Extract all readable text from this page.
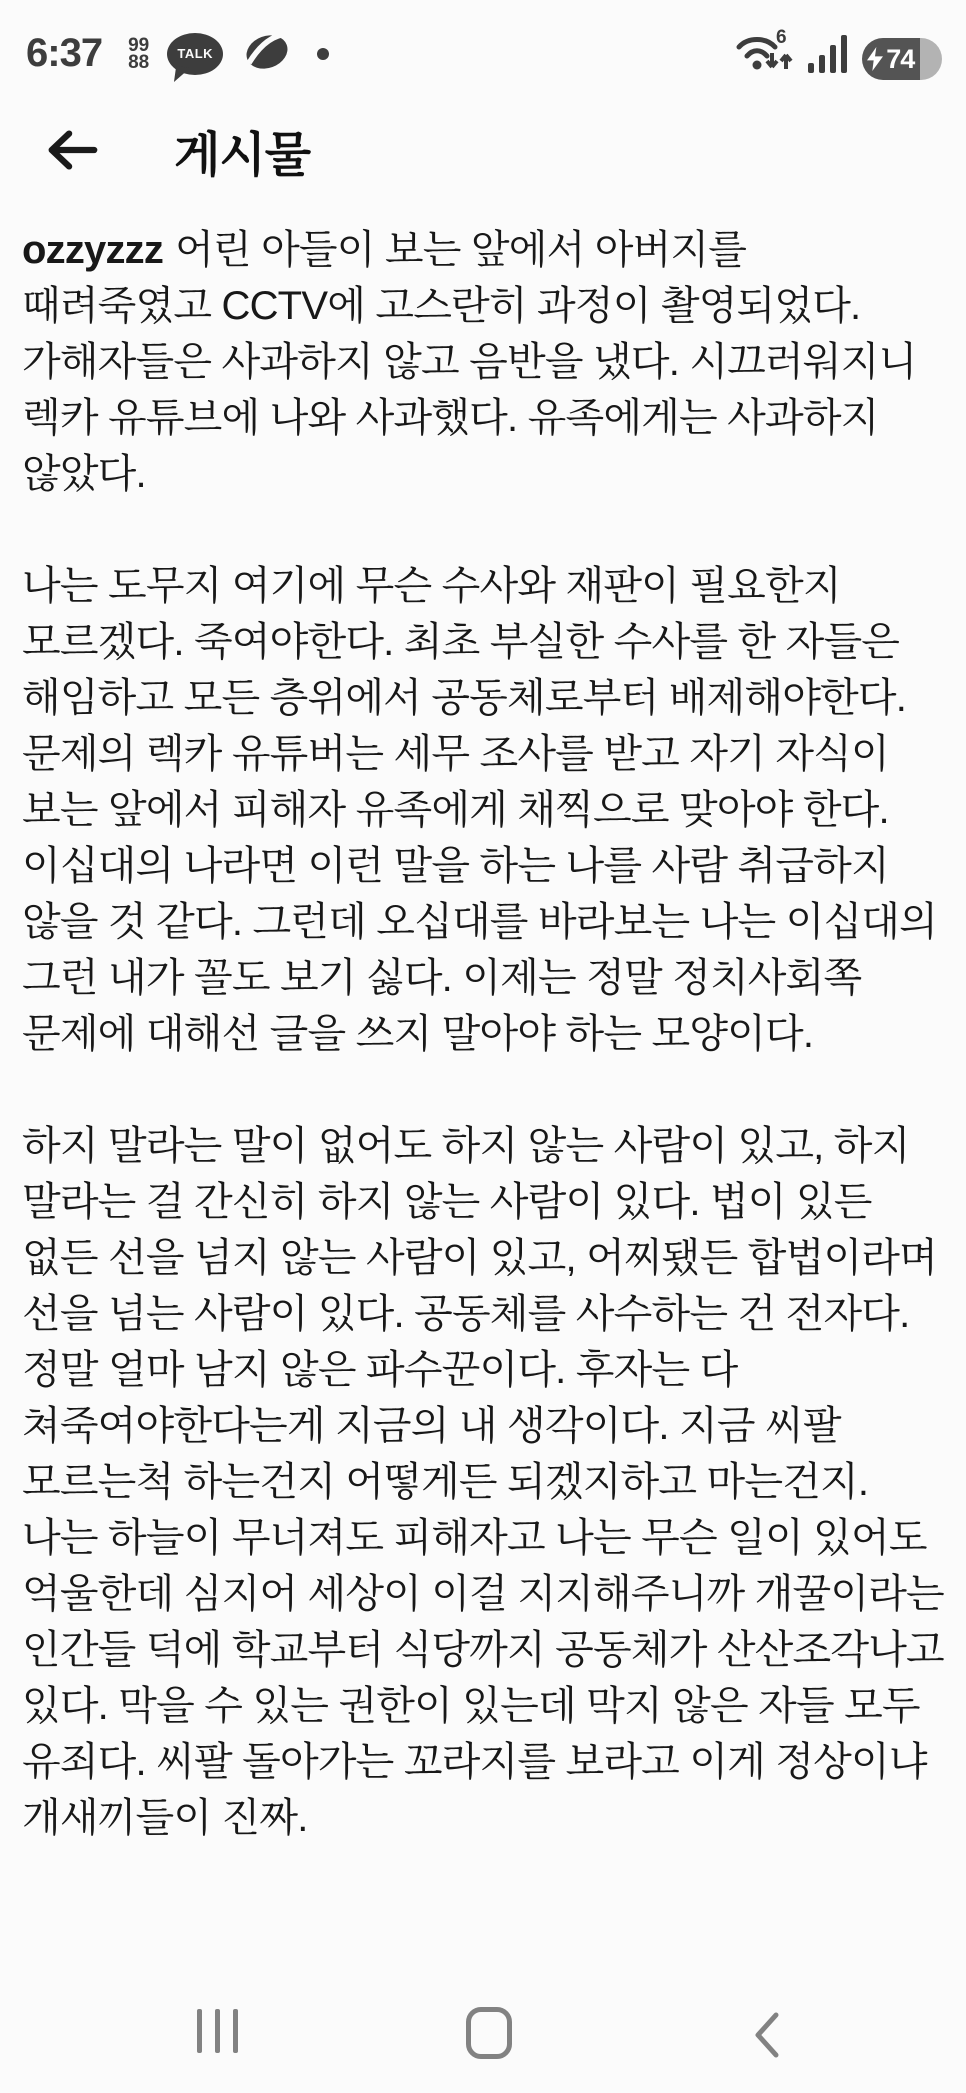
6:37 99
88 TALK
6
74
게시물

ozzyzzz 어린 아들이 보는 앞에서 아버지를 때려죽였고 CCTV에 고스란히 과정이 촬영되었다. 가해자들은 사과하지 않고 음반을 냈다. 시끄러워지니 렉카 유튜브에 나와 사과했다. 유족에게는 사과하지 않았다.

나는 도무지 여기에 무슨 수사와 재판이 필요한지 모르겠다. 죽여야한다. 최초 부실한 수사를 한 자들은 해임하고 모든 층위에서 공동체로부터 배제해야한다. 문제의 렉카 유튜버는 세무 조사를 받고 자기 자식이 보는 앞에서 피해자 유족에게 채찍으로 맞아야 한다. 이십대의 나라면 이런 말을 하는 나를 사람 취급하지 않을 것 같다. 그런데 오십대를 바라보는 나는 이십대의 그런 내가 꼴도 보기 싫다. 이제는 정말 정치사회쪽 문제에 대해선 글을 쓰지 말아야 하는 모양이다.

하지 말라는 말이 없어도 하지 않는 사람이 있고, 하지 말라는 걸 간신히 하지 않는 사람이 있다. 법이 있든 없든 선을 넘지 않는 사람이 있고, 어찌됐든 합법이라며 선을 넘는 사람이 있다. 공동체를 사수하는 건 전자다. 정말 얼마 남지 않은 파수꾼이다. 후자는 다 쳐죽여야한다는게 지금의 내 생각이다. 지금 씨팔 모르는척 하는건지 어떻게든 되겠지하고 마는건지. 나는 하늘이 무너져도 피해자고 나는 무슨 일이 있어도 억울한데 심지어 세상이 이걸 지지해주니까 개꿀이라는 인간들 덕에 학교부터 식당까지 공동체가 산산조각나고 있다. 막을 수 있는 권한이 있는데 막지 않은 자들 모두 유죄다. 씨팔 돌아가는 꼬라지를 보라고 이게 정상이냐 개새끼들이 진짜.
